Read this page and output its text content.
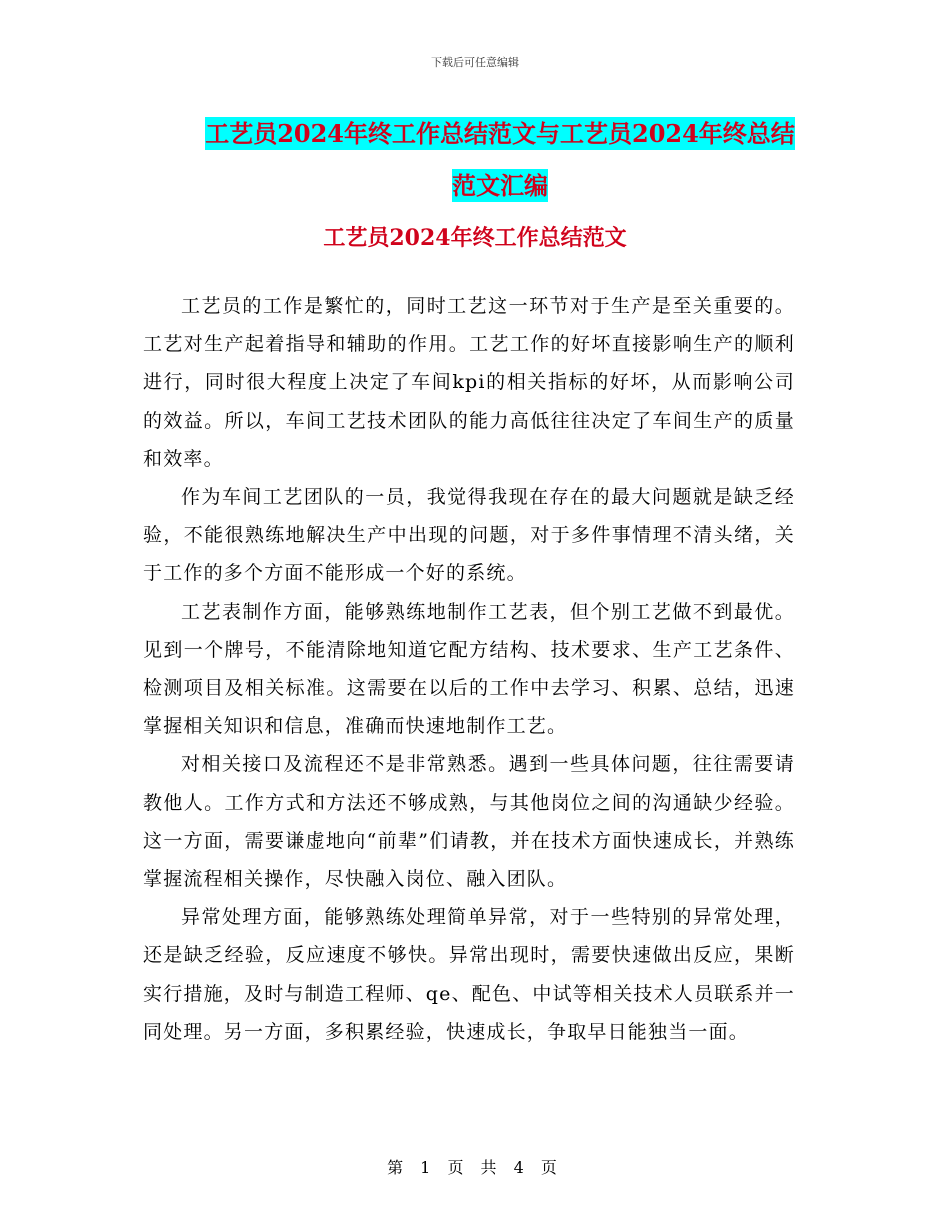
下载后可任意编辑
工艺员2024年终工作总结范文与工艺员2024年终总结范文汇编
工艺员2024年终工作总结范文

工艺员的工作是繁忙的，同时工艺这一环节对于生产是至关重要的。工艺对生产起着指导和辅助的作用。工艺工作的好坏直接影响生产的顺利进行，同时很大程度上决定了车间kpi的相关指标的好坏，从而影响公司的效益。所以，车间工艺技术团队的能力高低往往决定了车间生产的质量和效率。

作为车间工艺团队的一员，我觉得我现在存在的最大问题就是缺乏经验，不能很熟练地解决生产中出现的问题，对于多件事情理不清头绪，关于工作的多个方面不能形成一个好的系统。

工艺表制作方面，能够熟练地制作工艺表，但个别工艺做不到最优。见到一个牌号，不能清除地知道它配方结构、技术要求、生产工艺条件、检测项目及相关标准。这需要在以后的工作中去学习、积累、总结，迅速掌握相关知识和信息，准确而快速地制作工艺。

对相关接口及流程还不是非常熟悉。遇到一些具体问题，往往需要请教他人。工作方式和方法还不够成熟，与其他岗位之间的沟通缺少经验。这一方面，需要谦虚地向“前辈”们请教，并在技术方面快速成长，并熟练掌握流程相关操作，尽快融入岗位、融入团队。

异常处理方面，能够熟练处理简单异常，对于一些特别的异常处理，还是缺乏经验，反应速度不够快。异常出现时，需要快速做出反应，果断实行措施，及时与制造工程师、qe、配色、中试等相关技术人员联系并一同处理。另一方面，多积累经验，快速成长，争取早日能独当一面。

第 1 页 共 4 页
